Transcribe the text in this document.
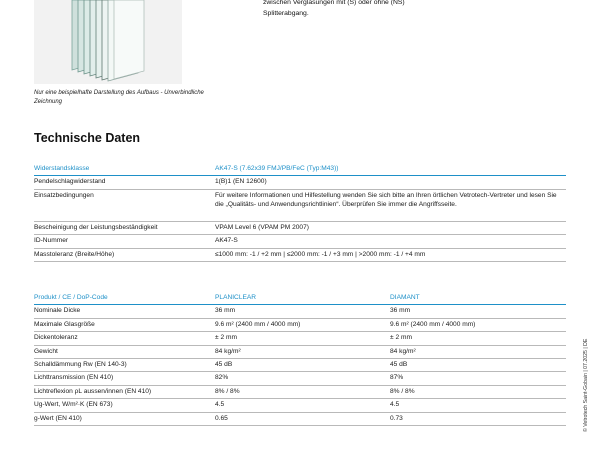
Nur eine beispielhafte Darstellung des Aufbaus - Unverbindliche Zeichnung
zwischen Verglasungen mit (S) oder ohne (NS) Splitterabgang.
Technische Daten
Widerstandsklasse	AK47-S (7.62x39 FMJ/PB/FeC (Typ:M43))
Pendelschlagwiderstand	1(B)1 (EN 12600)
Einsatzbedingungen	Für weitere Informationen und Hilfestellung wenden Sie sich bitte an Ihren örtlichen Vetrotech-Vertreter und lesen Sie die „Qualitäts- und Anwendungsrichtlinien“. Überprüfen Sie immer die Angriffsseite.
Bescheinigung der Leistungsbeständigkeit	VPAM Level 6 (VPAM PM 2007)
ID-Nummer	AK47-S
Masstoleranz (Breite/Höhe)	≤1000 mm: -1 / +2 mm | ≤2000 mm: -1 / +3 mm | >2000 mm: -1 / +4 mm
Produkt / CE / DoP-Code	PLANICLEAR	DIAMANT
Nominale Dicke	36 mm	36 mm
Maximale Glasgröße	9.6 m² (2400 mm / 4000 mm)	9.6 m² (2400 mm / 4000 mm)
Dickentoleranz	± 2 mm	± 2 mm
Gewicht	84 kg/m²	84 kg/m²
Schalldämmung Rw (EN 140-3)	45 dB	45 dB
Lichttransmission (EN 410)	82%	87%
Lichtreflexion ρL aussen/innen (EN 410)	8% / 8%	8% / 8%
Ug-Wert, W/m²·K (EN 673)	4.5	4.5
g-Wert (EN 410)	0.65	0.73	© Vetrotech Saint-Gobain | 07.2025 | DE
